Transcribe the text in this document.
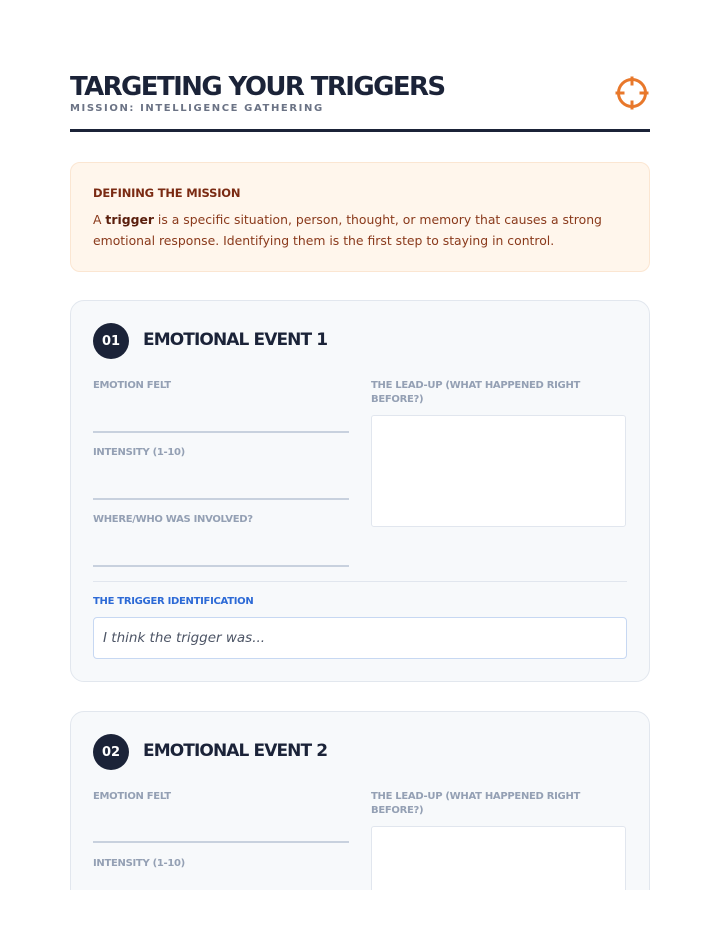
TARGETING YOUR TRIGGERS
MISSION: INTELLIGENCE GATHERING

DEFINING THE MISSION

A trigger is a specific situation, person, thought, or memory that causes a strong emotional response. Identifying them is the first step to staying in control.

01	EMOTIONAL EVENT 1
EMOTION FELT
INTENSITY (1-10)
WHERE/WHO WAS INVOLVED?
THE LEAD-UP (WHAT HAPPENED RIGHT BEFORE?)
THE TRIGGER IDENTIFICATION
I think the trigger was...
02	EMOTIONAL EVENT 2
EMOTION FELT
INTENSITY (1-10)
THE LEAD-UP (WHAT HAPPENED RIGHT BEFORE?)
